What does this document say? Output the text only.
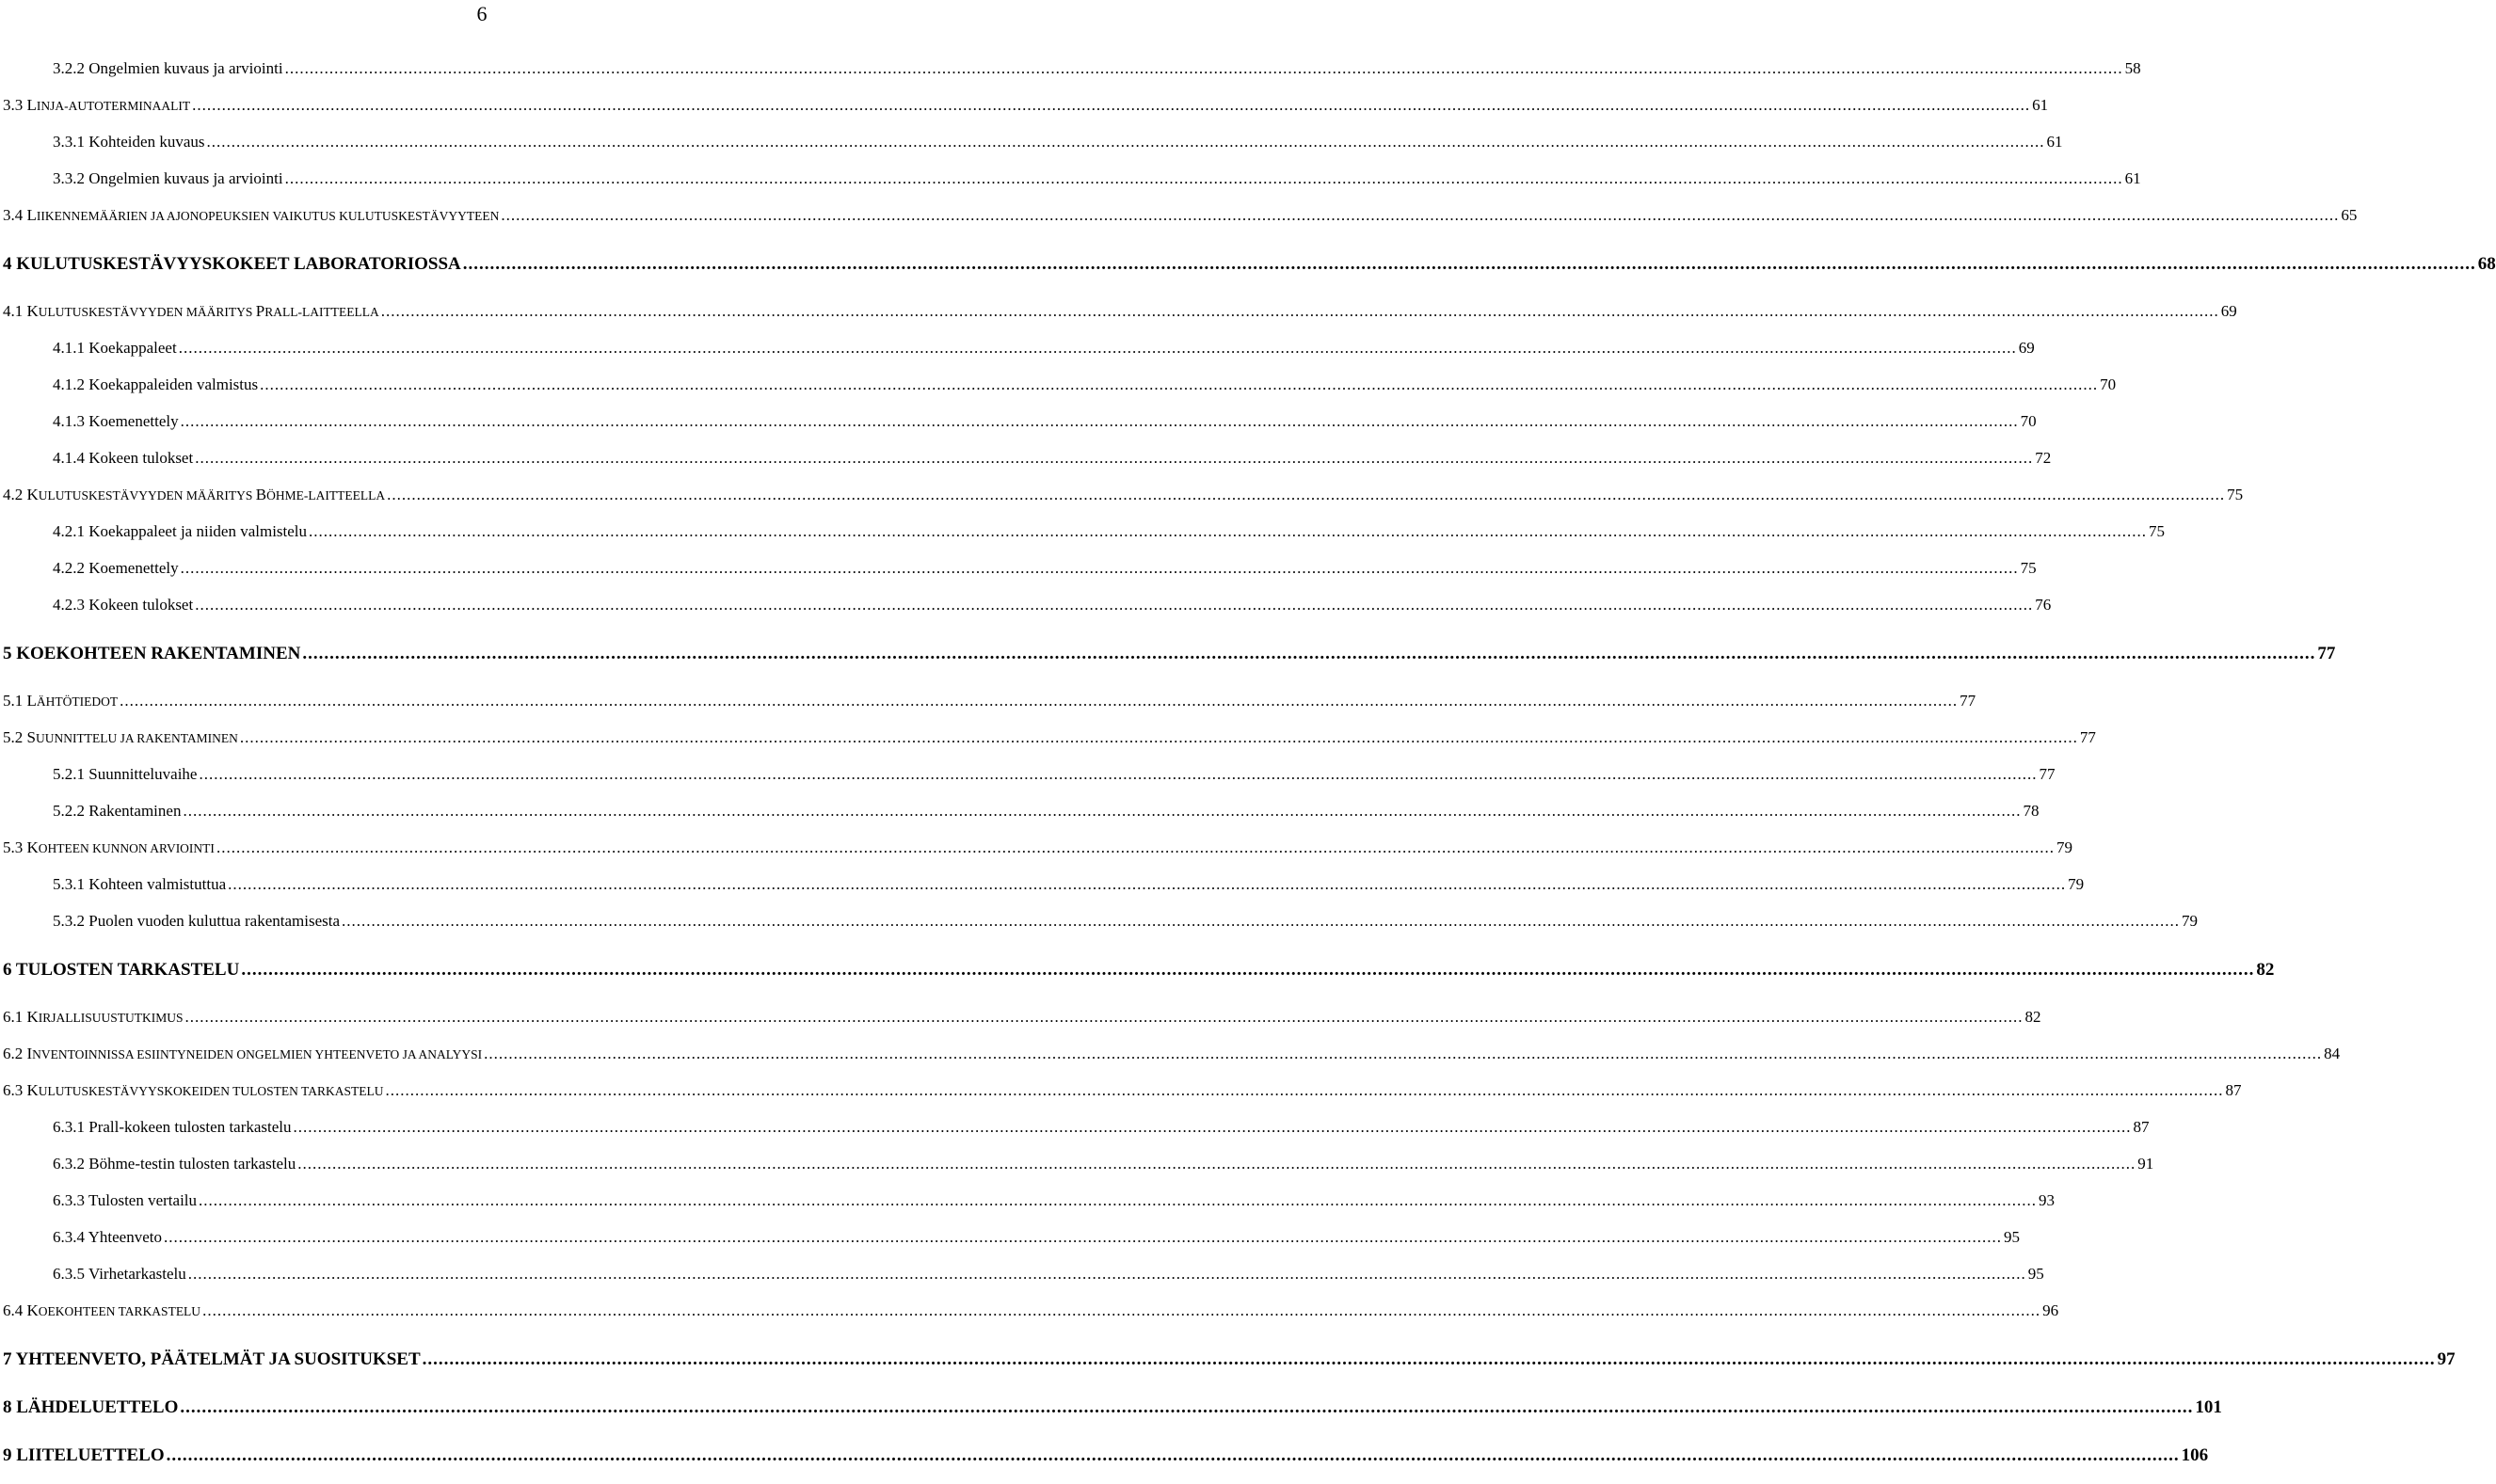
6
3.2.2 Ongelmien kuvaus ja arviointi .....	58
3.3 LINJA-AUTOTERMINAALIT .....	61
3.3.1 Kohteiden kuvaus .....	61
3.3.2 Ongelmien kuvaus ja arviointi .....	61
3.4 LIIKENNEMÄÄRIEN JA AJONOPEUKSIEN VAIKUTUS KULUTUSKESTÄVYYTEEN .....	65
4 KULUTUSKESTÄVYYSKOKEET LABORATORIOSSA .....	68
4.1 KULUTUSKESTÄVYYDEN MÄÄRITYS PRALL-LAITTEELLA .....	69
4.1.1 Koekappaleet .....	69
4.1.2 Koekappaleiden valmistus .....	70
4.1.3 Koemenettely .....	70
4.1.4 Kokeen tulokset .....	72
4.2 KULUTUSKESTÄVYYDEN MÄÄRITYS BÖHME-LAITTEELLA .....	75
4.2.1 Koekappaleet ja niiden valmistelu .....	75
4.2.2 Koemenettely .....	75
4.2.3 Kokeen tulokset .....	76
5 KOEKOHTEEN RAKENTAMINEN .....	77
5.1 LÄHTÖTIEDOT .....	77
5.2 SUUNNITTELU JA RAKENTAMINEN .....	77
5.2.1 Suunnitteluvaihe .....	77
5.2.2 Rakentaminen .....	78
5.3 KOHTEEN KUNNON ARVIOINTI .....	79
5.3.1 Kohteen valmistuttua .....	79
5.3.2 Puolen vuoden kuluttua rakentamisesta .....	79
6 TULOSTEN TARKASTELU .....	82
6.1 KIRJALLISUUSTUTKIMUS .....	82
6.2 INVENTOINNISSA ESIINTYNEIDEN ONGELMIEN YHTEENVETO JA ANALYYSI .....	84
6.3 KULUTUSKESTÄVYYSKOKEIDEN TULOSTEN TARKASTELU .....	87
6.3.1 Prall-kokeen tulosten tarkastelu .....	87
6.3.2 Böhme-testin tulosten tarkastelu .....	91
6.3.3 Tulosten vertailu .....	93
6.3.4 Yhteenveto .....	95
6.3.5 Virhetarkastelu .....	95
6.4 KOEKOHTEEN TARKASTELU .....	96
7 YHTEENVETO, PÄÄTELMÄT JA SUOSITUKSET .....	97
8 LÄHDELUETTELO .....	101
9 LIITELUETTELO .....	106
